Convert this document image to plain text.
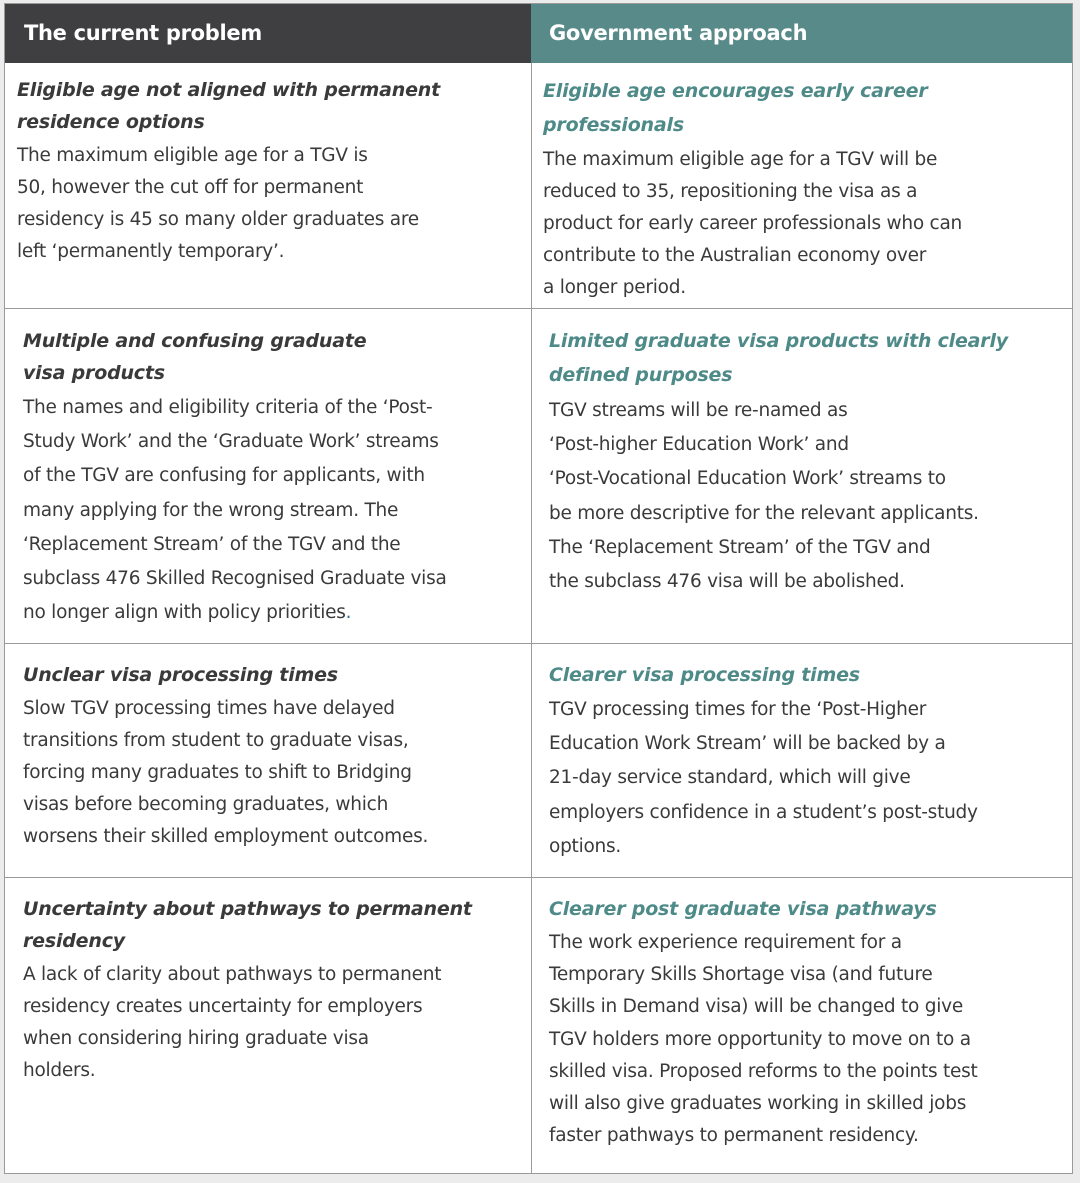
The current problem	Government approach
Eligible age not aligned with permanent
residence options
The maximum eligible age for a TGV is
50, however the cut off for permanent
residency is 45 so many older graduates are
left ‘permanently temporary’.
Eligible age encourages early career
professionals
The maximum eligible age for a TGV will be
reduced to 35, repositioning the visa as a
product for early career professionals who can
contribute to the Australian economy over
a longer period.
Multiple and confusing graduate
visa products
The names and eligibility criteria of the ‘Post-
Study Work’ and the ‘Graduate Work’ streams
of the TGV are confusing for applicants, with
many applying for the wrong stream. The
‘Replacement Stream’ of the TGV and the
subclass 476 Skilled Recognised Graduate visa
no longer align with policy priorities.
Limited graduate visa products with clearly
defined purposes
TGV streams will be re-named as
‘Post-higher Education Work’ and
‘Post-Vocational Education Work’ streams to
be more descriptive for the relevant applicants.
The ‘Replacement Stream’ of the TGV and
the subclass 476 visa will be abolished.
Unclear visa processing times
Slow TGV processing times have delayed
transitions from student to graduate visas,
forcing many graduates to shift to Bridging
visas before becoming graduates, which
worsens their skilled employment outcomes.
Clearer visa processing times
TGV processing times for the ‘Post-Higher
Education Work Stream’ will be backed by a
21-day service standard, which will give
employers confidence in a student’s post-study
options.
Uncertainty about pathways to permanent
residency
A lack of clarity about pathways to permanent
residency creates uncertainty for employers
when considering hiring graduate visa
holders.
Clearer post graduate visa pathways
The work experience requirement for a
Temporary Skills Shortage visa (and future
Skills in Demand visa) will be changed to give
TGV holders more opportunity to move on to a
skilled visa. Proposed reforms to the points test
will also give graduates working in skilled jobs
faster pathways to permanent residency.
